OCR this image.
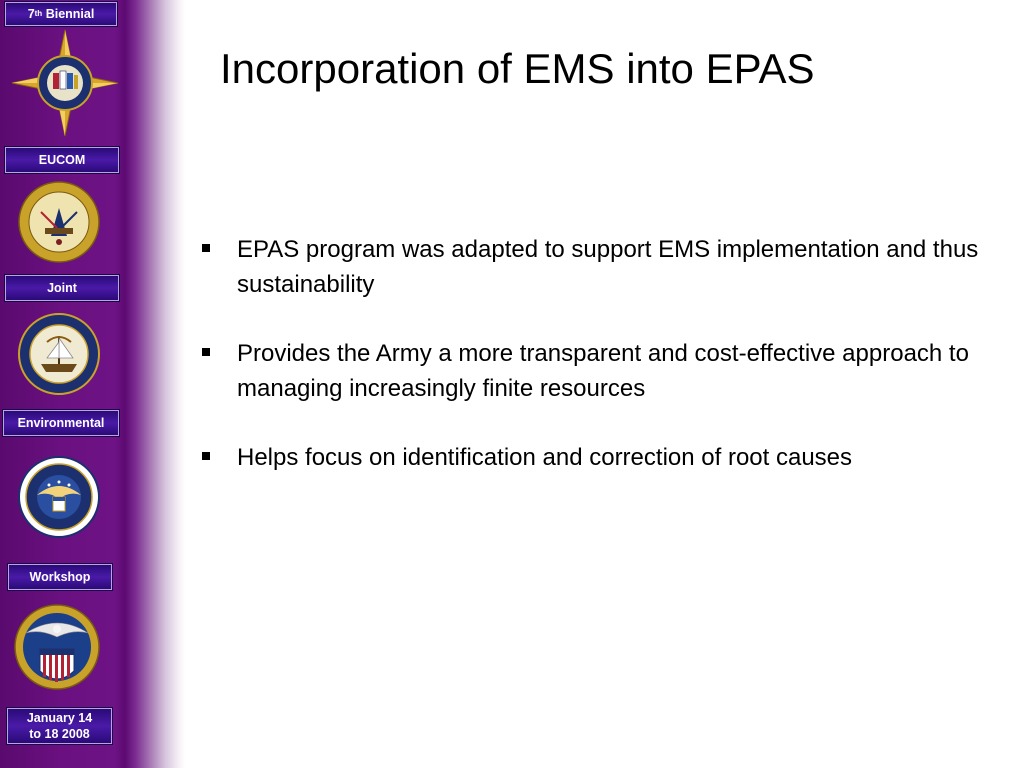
7 th
Biennial
EUCOM
Joint
Environmental
Workshop
January 14
to 18 2008
Incorporation of EMS into EPAS
EPAS program was adapted to support EMS implementation and thus sustainability
Provides the Army a more transparent and cost-effective approach to managing increasingly finite resources
Helps focus on identification and correction of root causes
